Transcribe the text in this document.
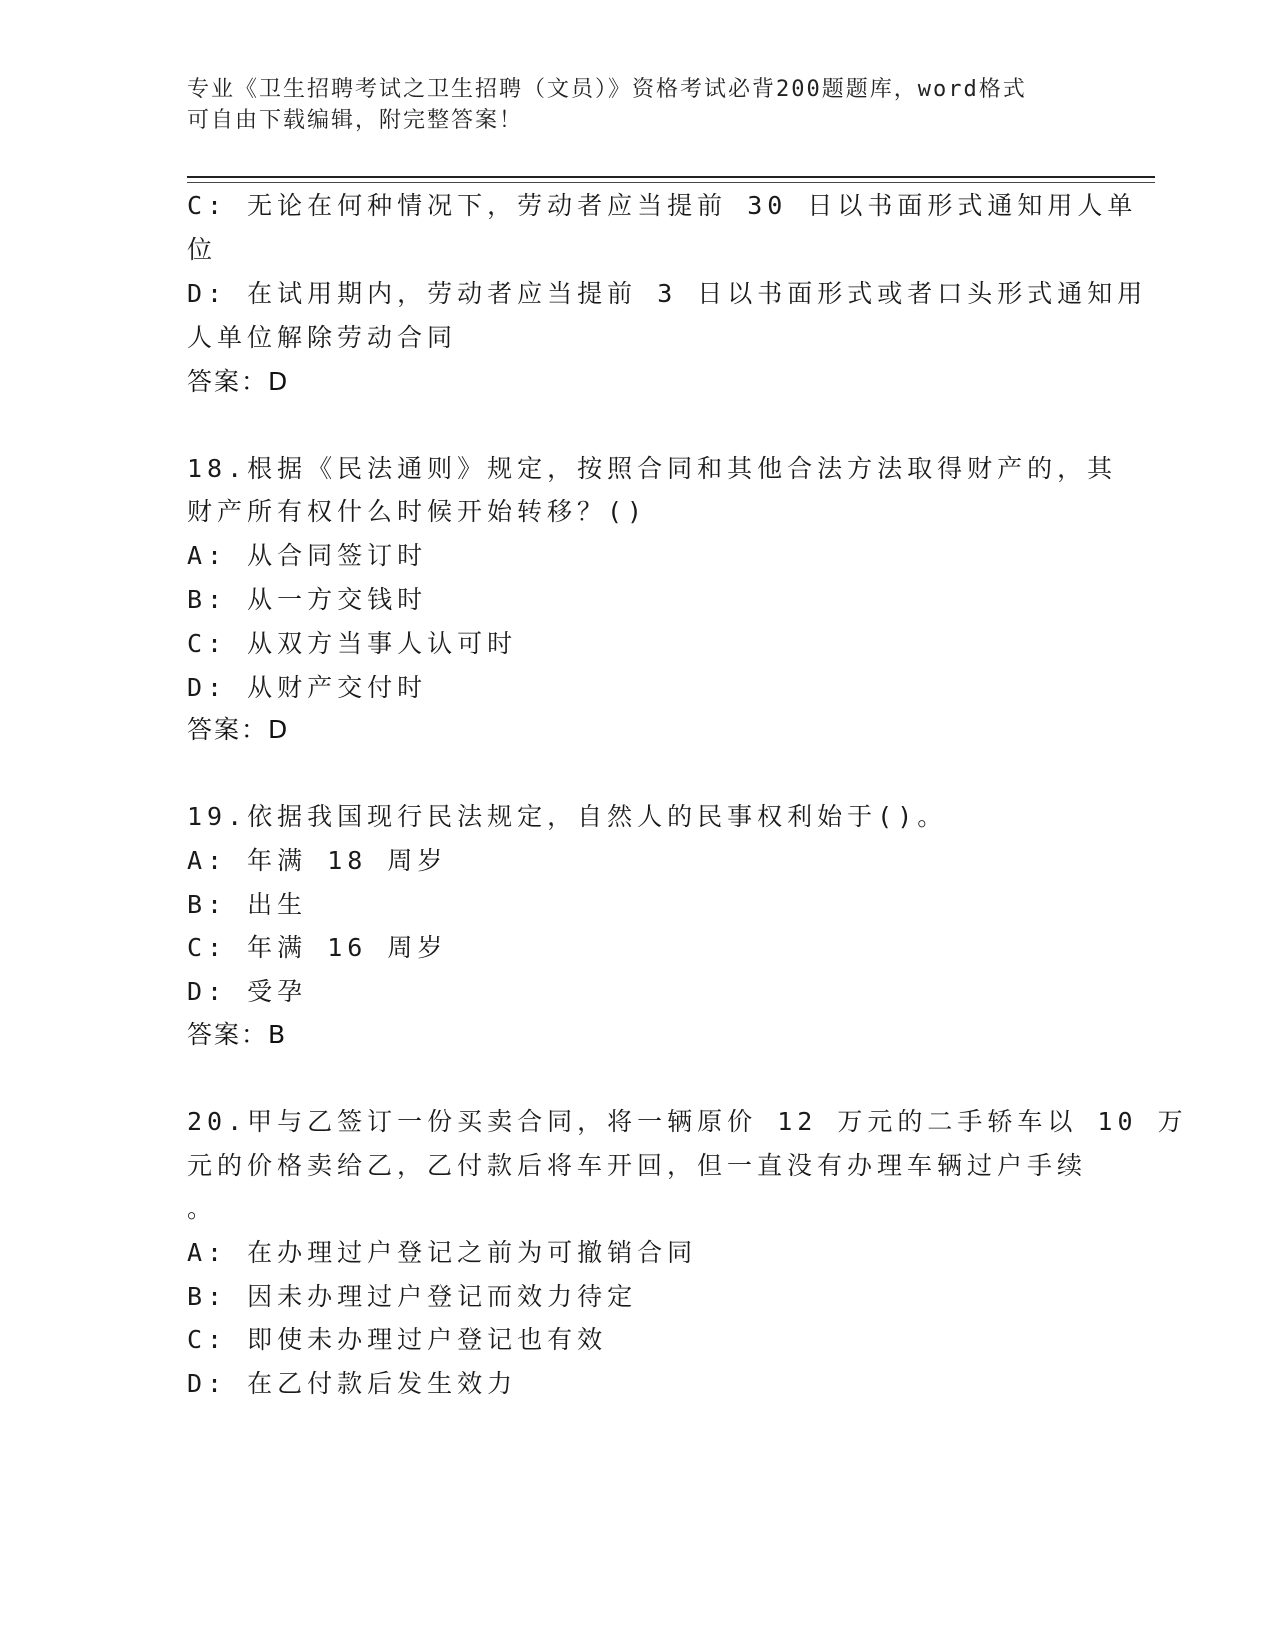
专业《卫生招聘考试之卫生招聘（文员）》资格考试必背200题题库，word格式
可自由下载编辑，附完整答案！
C: 无论在何种情况下，劳动者应当提前 30 日以书面形式通知用人单
位
D: 在试用期内，劳动者应当提前 3 日以书面形式或者口头形式通知用
人单位解除劳动合同
答案：D
18.根据《民法通则》规定，按照合同和其他合法方法取得财产的，其
财产所有权什么时候开始转移？()
A: 从合同签订时
B: 从一方交钱时
C: 从双方当事人认可时
D: 从财产交付时
答案：D
19.依据我国现行民法规定，自然人的民事权利始于()。
A: 年满 18 周岁
B: 出生
C: 年满 16 周岁
D: 受孕
答案：B
20.甲与乙签订一份买卖合同，将一辆原价 12 万元的二手轿车以 10 万
元的价格卖给乙，乙付款后将车开回，但一直没有办理车辆过户手续
。
A: 在办理过户登记之前为可撤销合同
B: 因未办理过户登记而效力待定
C: 即使未办理过户登记也有效
D: 在乙付款后发生效力
